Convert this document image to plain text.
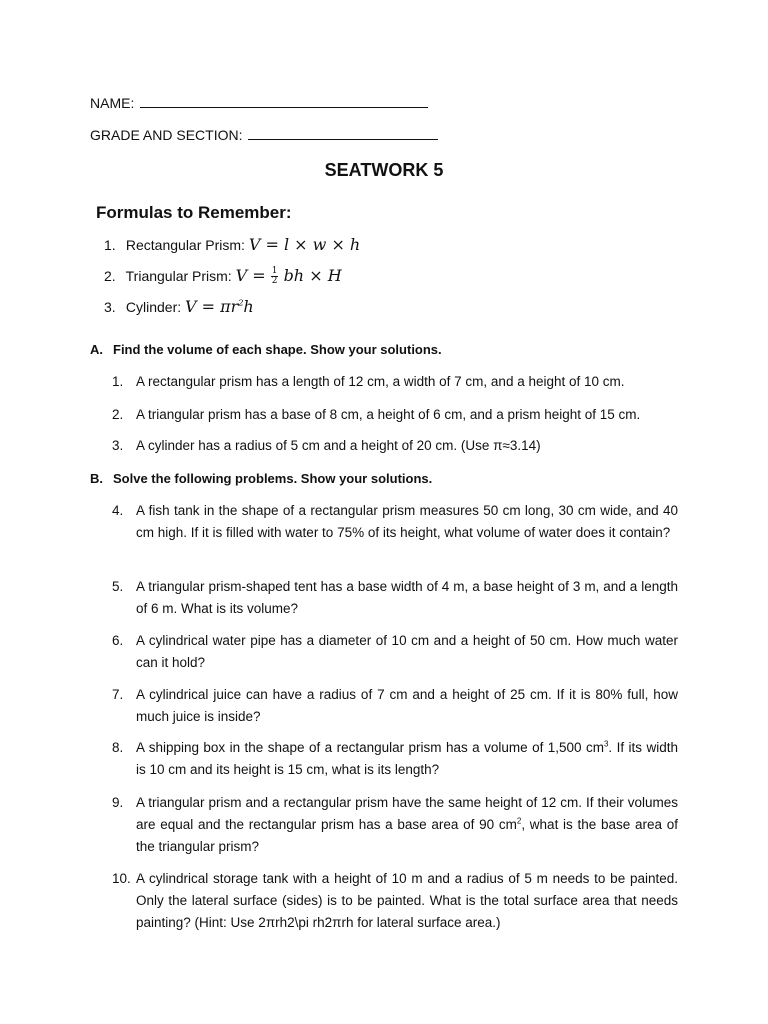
NAME:
GRADE AND SECTION:
SEATWORK 5
Formulas to Remember:
1. Rectangular Prism: V = l × w × h
2. Triangular Prism: $V = \frac{1}{2}$ bh × H
3. Cylinder: $V = \pi r^2h$
A. Find the volume of each shape. Show your solutions.
1. A rectangular prism has a length of 12 cm, a width of 7 cm, and a height of 10 cm.
2. A triangular prism has a base of 8 cm, a height of 6 cm, and a prism height of 15 cm.
3. A cylinder has a radius of 5 cm and a height of 20 cm. (Use π≈3.14)
B. Solve the following problems. Show your solutions.
4. A fish tank in the shape of a rectangular prism measures 50 cm long, 30 cm wide, and 40 cm high. If it is filled with water to 75% of its height, what volume of water does it contain?
5. A triangular prism-shaped tent has a base width of 4 m, a base height of 3 m, and a length of 6 m. What is its volume?
6. A cylindrical water pipe has a diameter of 10 cm and a height of 50 cm. How much water can it hold?
7. A cylindrical juice can have a radius of 7 cm and a height of 25 cm. If it is 80% full, how much juice is inside?
8. A shipping box in the shape of a rectangular prism has a volume of 1,500 $cm^3$. If its width is 10 cm and its height is 15 cm, what is its length?
9. A triangular prism and a rectangular prism have the same height of 12 cm. If their volumes are equal and the rectangular prism has a base area of 90 $cm^2$, what is the base area of the triangular prism?
10. A cylindrical storage tank with a height of 10 m and a radius of 5 m needs to be painted. Only the lateral surface (sides) is to be painted. What is the total surface area that needs painting? (Hint: Use 2πrh2\pi rh2πrh for lateral surface area.)
